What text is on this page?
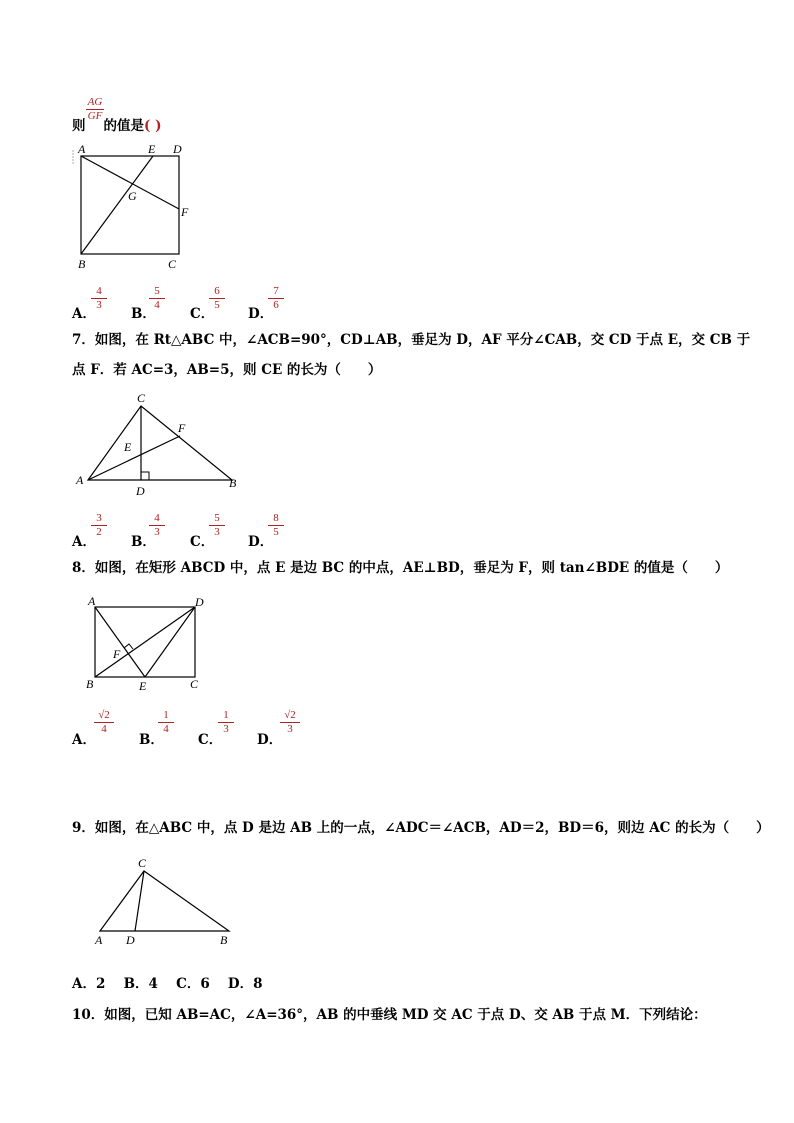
AG
GF
则 的值是( )
A	E D
G
F
B	C
A．
4
3
B．
5
4
C．
6
5
D．
7
6
7．如图，在 Rt△ABC 中，∠ACB=90°，CD⊥AB，垂足为 D，AF 平分∠CAB，交 CD 于点 E，交 CB 于
点 F．若 AC=3，AB=5，则 CE 的长为（　　）
C
F
E
A
D
B
A．
3
2
B．
4
3
C．
5
3
D．
8
5
8．如图，在矩形 ABCD 中，点 E 是边 BC 的中点，AE⊥BD，垂足为 F，则 tan∠BDE 的值是（　　）
A	D
F
B	E	C
A．
√2
4
B．
1
4
C．
1
3
D．
√2
3
9．如图，在△ABC 中，点 D 是边 AB 上的一点，∠ADC＝∠ACB，AD＝2，BD＝6，则边 AC 的长为（　　）
C
A D	B
A．2　 B．4　 C．6　 D．8
10．如图，已知 AB=AC，∠A=36°，AB 的中垂线 MD 交 AC 于点 D、交 AB 于点 M．下列结论：
